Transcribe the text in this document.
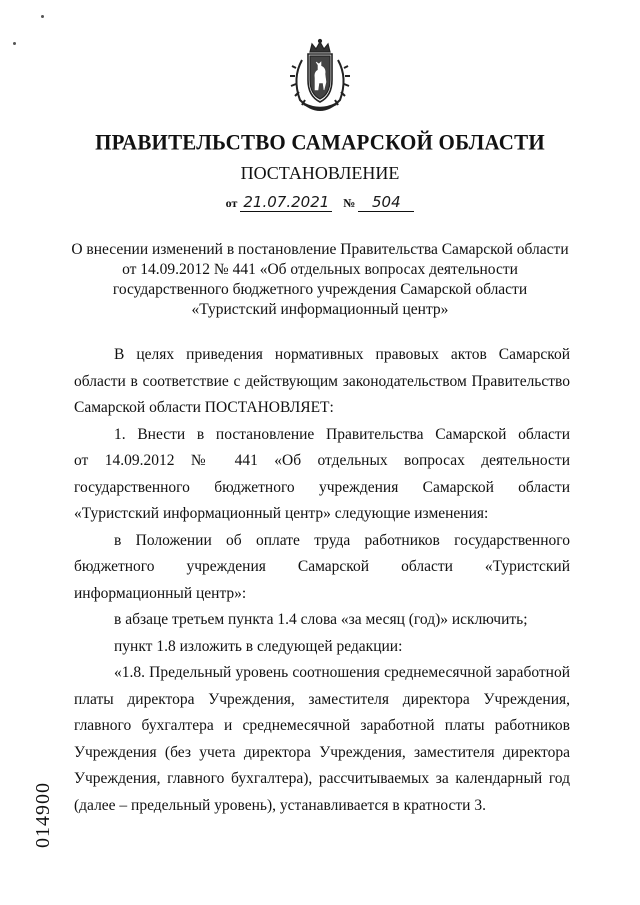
ПРАВИТЕЛЬСТВО САМАРСКОЙ ОБЛАСТИ
ПОСТАНОВЛЕНИЕ
от 21.07.2021 № 504
О внесении изменений в постановление Правительства Самарской области
от 14.09.2012 № 441 «Об отдельных вопросах деятельности
государственного бюджетного учреждения Самарской области
«Туристский информационный центр»

В целях приведения нормативных правовых актов Самарской
области в соответствие с действующим законодательством Правительство
Самарской области ПОСТАНОВЛЯЕТ:

1. Внести в постановление Правительства Самарской области
от 14.09.2012 № 441 «Об отдельных вопросах деятельности
государственного бюджетного учреждения Самарской области
«Туристский информационный центр» следующие изменения:

в Положении об оплате труда работников государственного
бюджетного учреждения Самарской области «Туристский
информационный центр»:

в абзаце третьем пункта 1.4 слова «за месяц (год)» исключить;

пункт 1.8 изложить в следующей редакции:

«1.8. Предельный уровень соотношения среднемесячной заработной
платы директора Учреждения, заместителя директора Учреждения,
главного бухгалтера и среднемесячной заработной платы работников
Учреждения (без учета директора Учреждения, заместителя директора
Учреждения, главного бухгалтера), рассчитываемых за календарный год
(далее – предельный уровень), устанавливается в кратности 3.

014900
